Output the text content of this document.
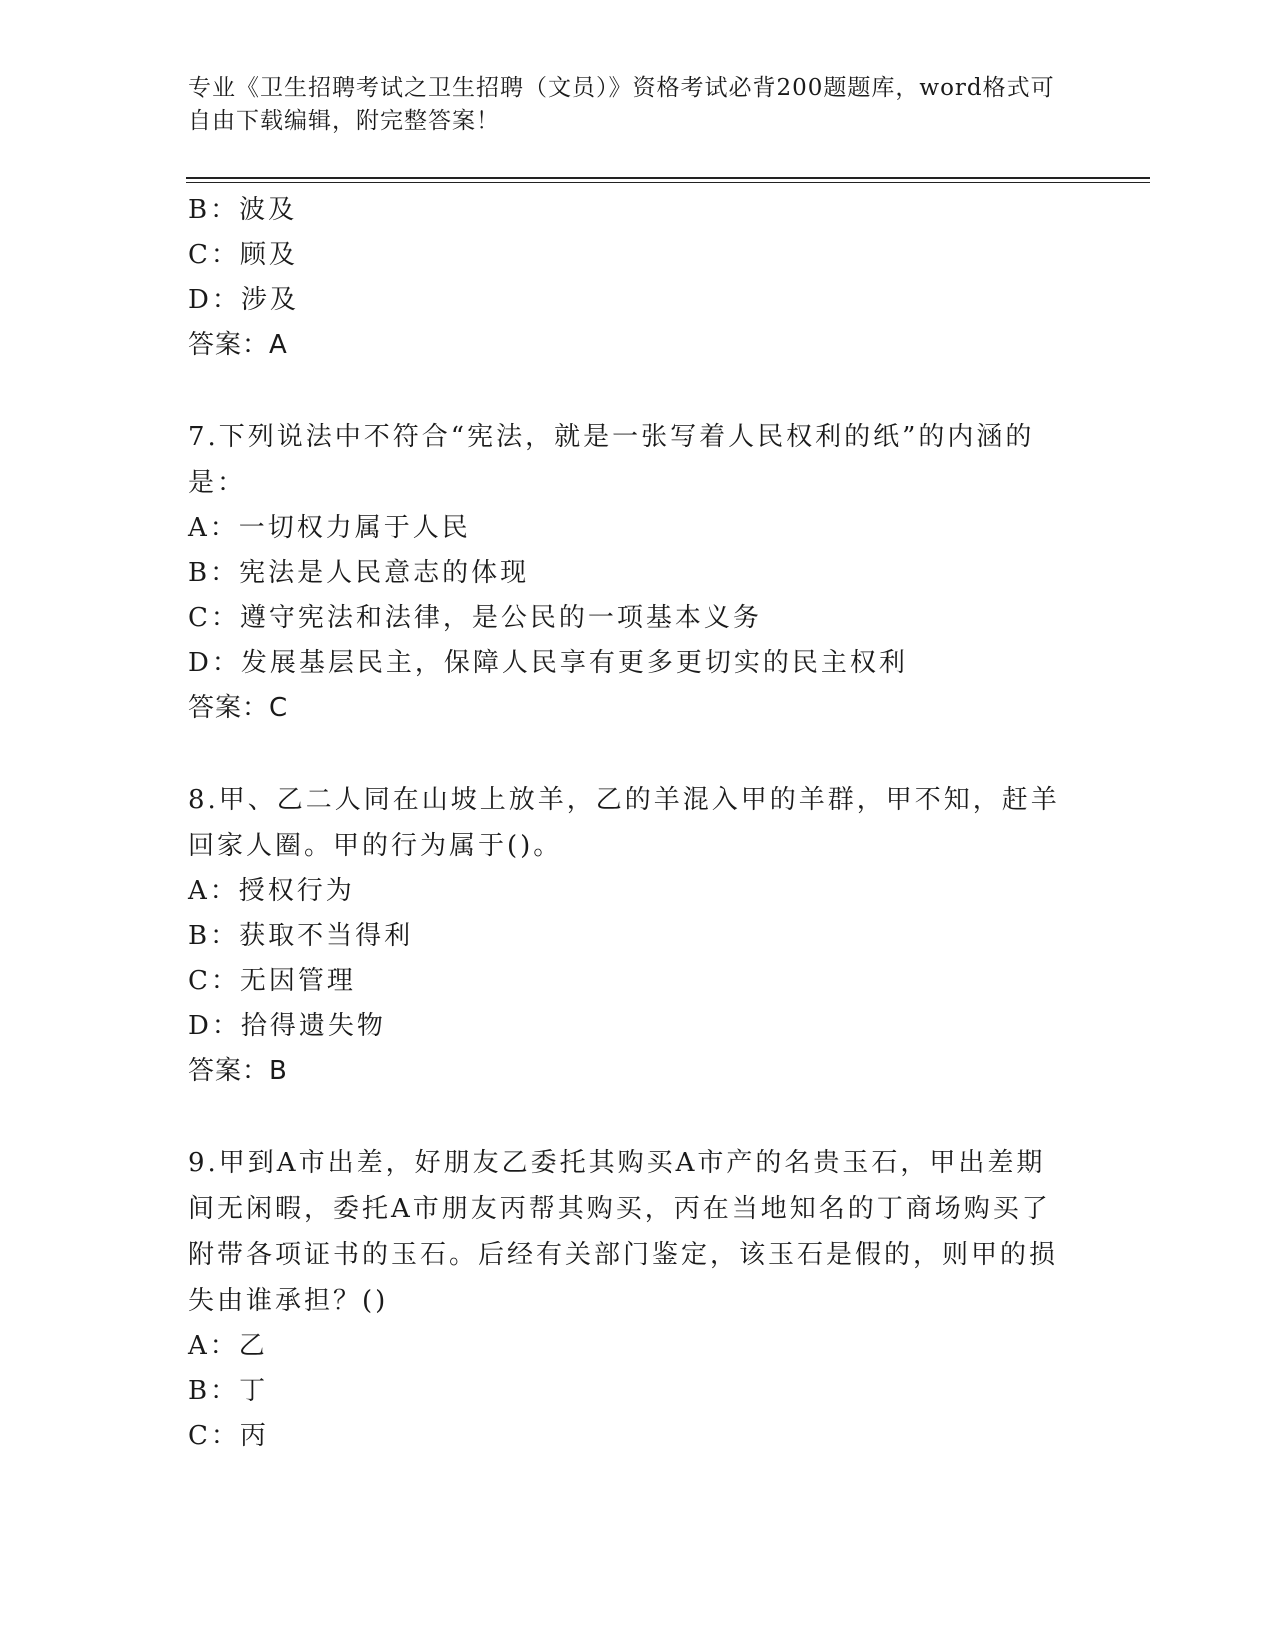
专业《卫生招聘考试之卫生招聘（文员）》资格考试必背200题题库，word格式可自由下载编辑，附完整答案！
B：波及
C：顾及
D：涉及
答案：A
7.下列说法中不符合“宪法，就是一张写着人民权利的纸”的内涵的是：
A：一切权力属于人民
B：宪法是人民意志的体现
C：遵守宪法和法律，是公民的一项基本义务
D：发展基层民主，保障人民享有更多更切实的民主权利
答案：C
8.甲、乙二人同在山坡上放羊，乙的羊混入甲的羊群，甲不知，赶羊回家人圈。甲的行为属于()。
A：授权行为
B：获取不当得利
C：无因管理
D：拾得遗失物
答案：B
9.甲到A市出差，好朋友乙委托其购买A市产的名贵玉石，甲出差期间无闲暇，委托A市朋友丙帮其购买，丙在当地知名的丁商场购买了附带各项证书的玉石。后经有关部门鉴定，该玉石是假的，则甲的损失由谁承担？()
A：乙
B：丁
C：丙
